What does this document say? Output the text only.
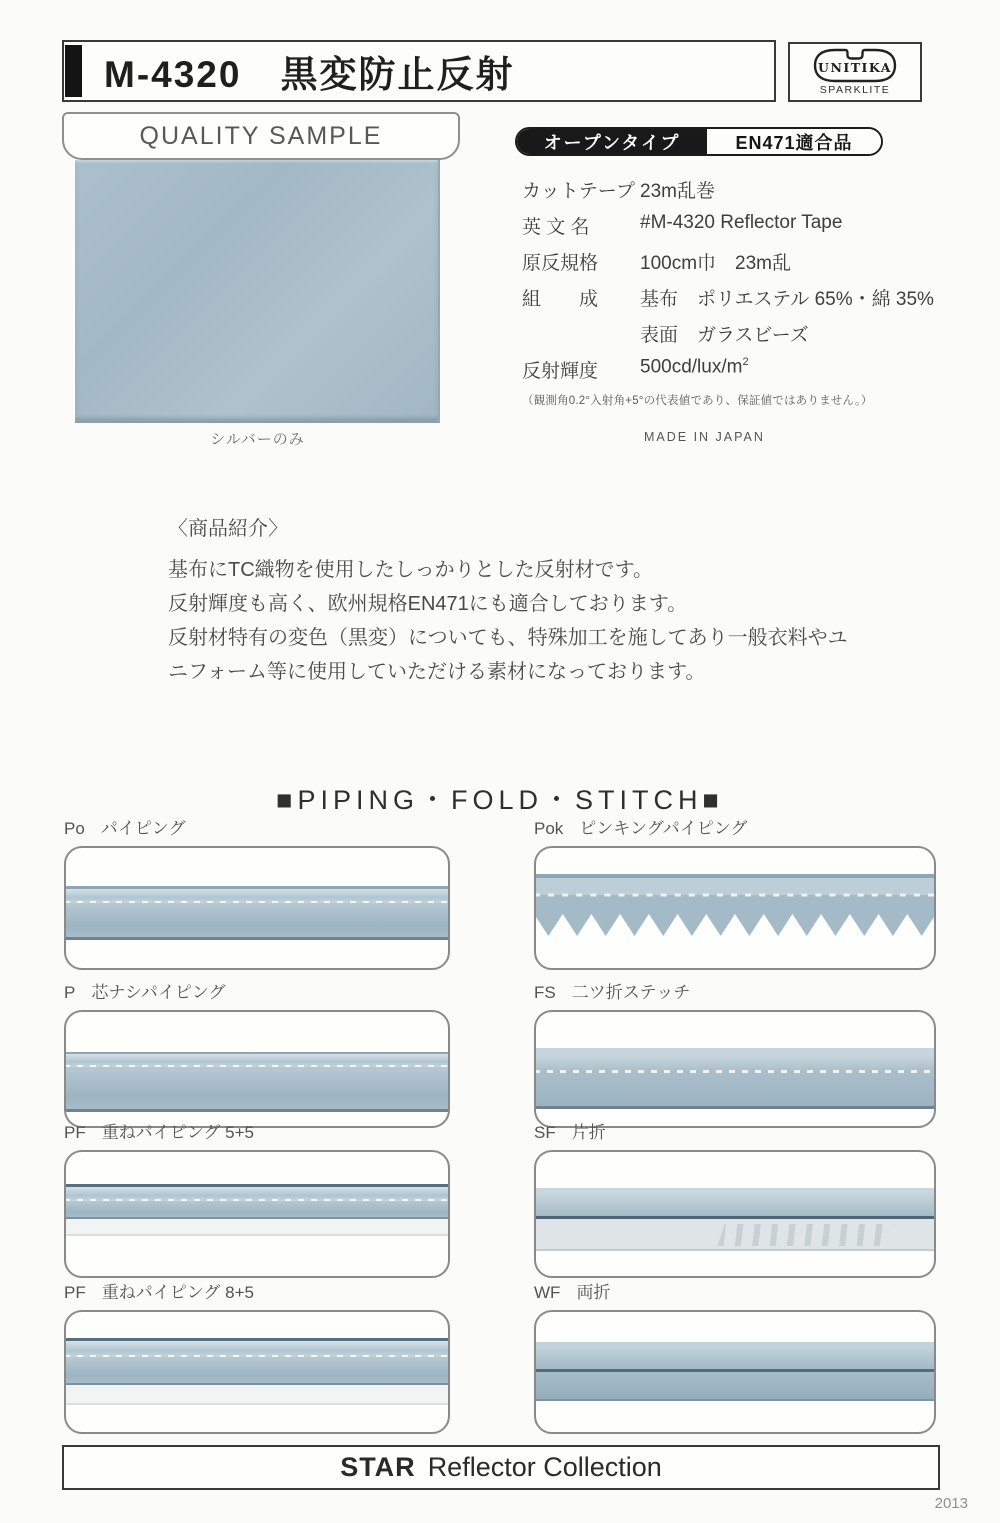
M-4320　黒変防止反射	UNITIKA
SPARKLITE
QUALITY SAMPLE
シルバーのみ
オープンタイプ	EN471適合品
カットテープ 23m乱巻
英 文 名	#M-4320 Reflector Tape
原反規格	100cm巾　23m乱
組　　成	基布　ポリエステル 65%・綿 35%
表面　ガラスビーズ
反射輝度	$500cd/lux/m^2$
（観測角0.2°入射角+5°の代表値であり、保証値ではありません。）
MADE IN JAPAN
〈商品紹介〉
基布にTC織物を使用したしっかりとした反射材です。
反射輝度も高く、欧州規格EN471にも適合しております。
反射材特有の変色（黒変）についても、特殊加工を施してあり一般衣料やユ
ニフォーム等に使用していただける素材になっております。
■PIPING・FOLD・STITCH■
Po パイピング	Pok ピンキングパイピング
P 芯ナシパイピング	FS 二ツ折ステッチ
PF 重ねパイピング 5+5	SF 片折
PF 重ねパイピング 8+5	WF 両折
STAR Reflector Collection
2013
